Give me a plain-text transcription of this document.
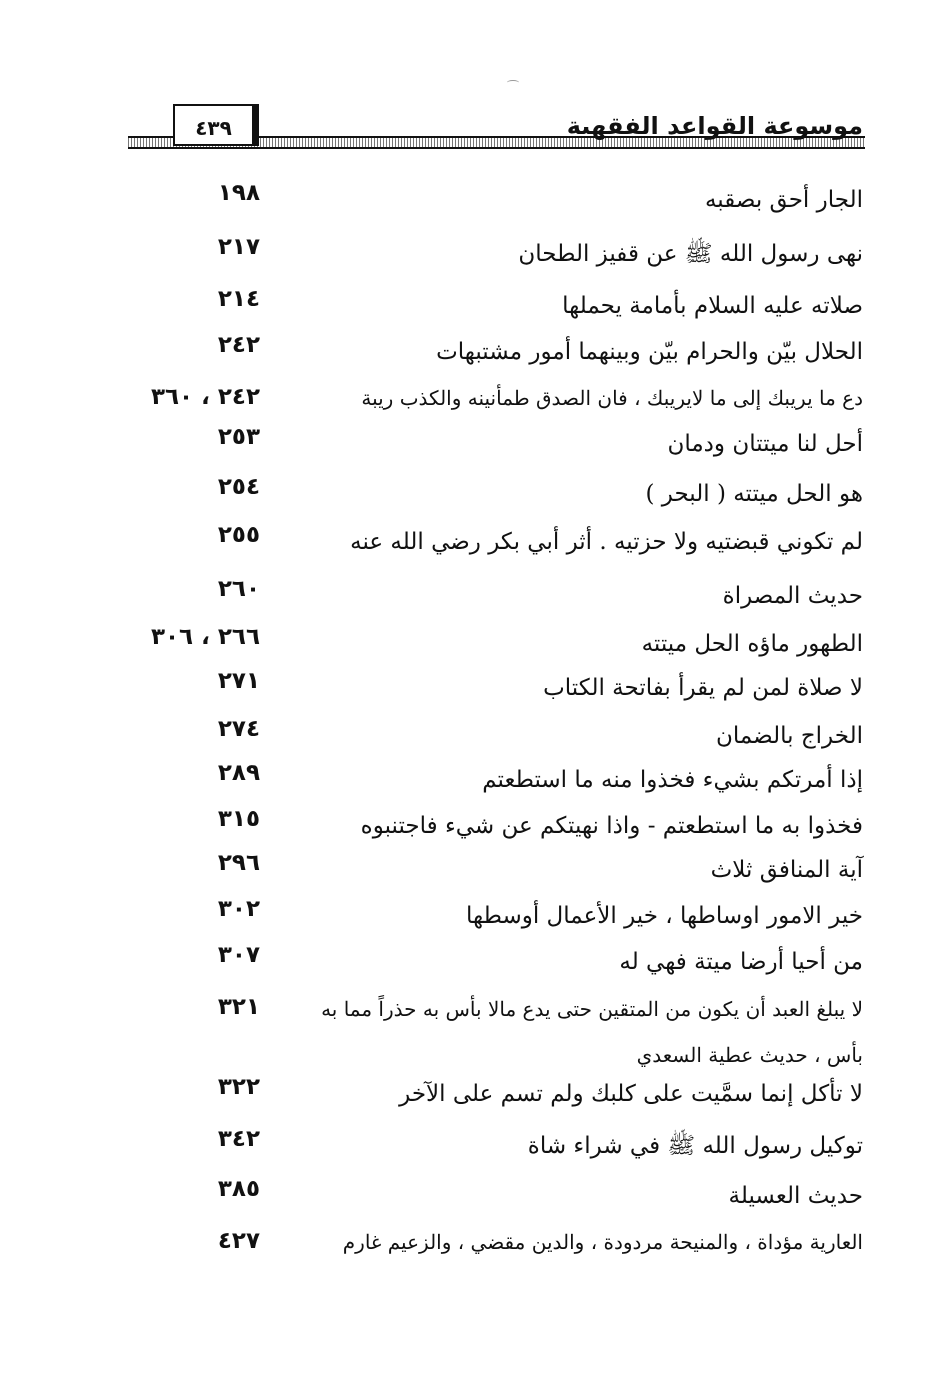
٤٣٩	موسوعة القواعد الفقهية
الجار أحق بصقبه
١٩٨
نهى رسول الله ﷺ عن قفيز الطحان
٢١٧
صلاته عليه السلام بأمامة يحملها
٢١٤
الحلال بيّن والحرام بيّن وبينهما أمور مشتبهات
٢٤٢
دع ما يريبك إلى ما لايريبك ، فان الصدق طمأنينه والكذب ريبة
٢٤٢ ، ٣٦٠
أحل لنا ميتتان ودمان
٢٥٣
هو الحل ميتته ( البحر )
٢٥٤
لم تكوني قبضتيه ولا حزتيه . أثر أبي بكر رضي الله عنه
٢٥٥
حديث المصراة
٢٦٠
الطهور ماؤه الحل ميتته
٢٦٦ ، ٣٠٦
لا صلاة لمن لم يقرأ بفاتحة الكتاب
٢٧١
الخراج بالضمان
٢٧٤
إذا أمرتكم بشيء فخذوا منه ما استطعتم
٢٨٩
فخذوا به ما استطعتم - واذا نهيتكم عن شيء فاجتنبوه
٣١٥
آية المنافق ثلاث
٢٩٦
خير الامور اوساطها ، خير الأعمال أوسطها
٣٠٢
من أحيا أرضا ميتة فهي له
٣٠٧
لا يبلغ العبد أن يكون من المتقين حتى يدع مالا بأس به حذراً مما به بأس ، حديث عطية السعدي
٣٢١
لا تأكل إنما سمَّيت على كلبك ولم تسم على الآخر
٣٢٢
توكيل رسول الله ﷺ في شراء شاة
٣٤٢
حديث العسيلة
٣٨٥
العارية مؤداة ، والمنيحة مردودة ، والدين مقضي ، والزعيم غارم
٤٢٧
